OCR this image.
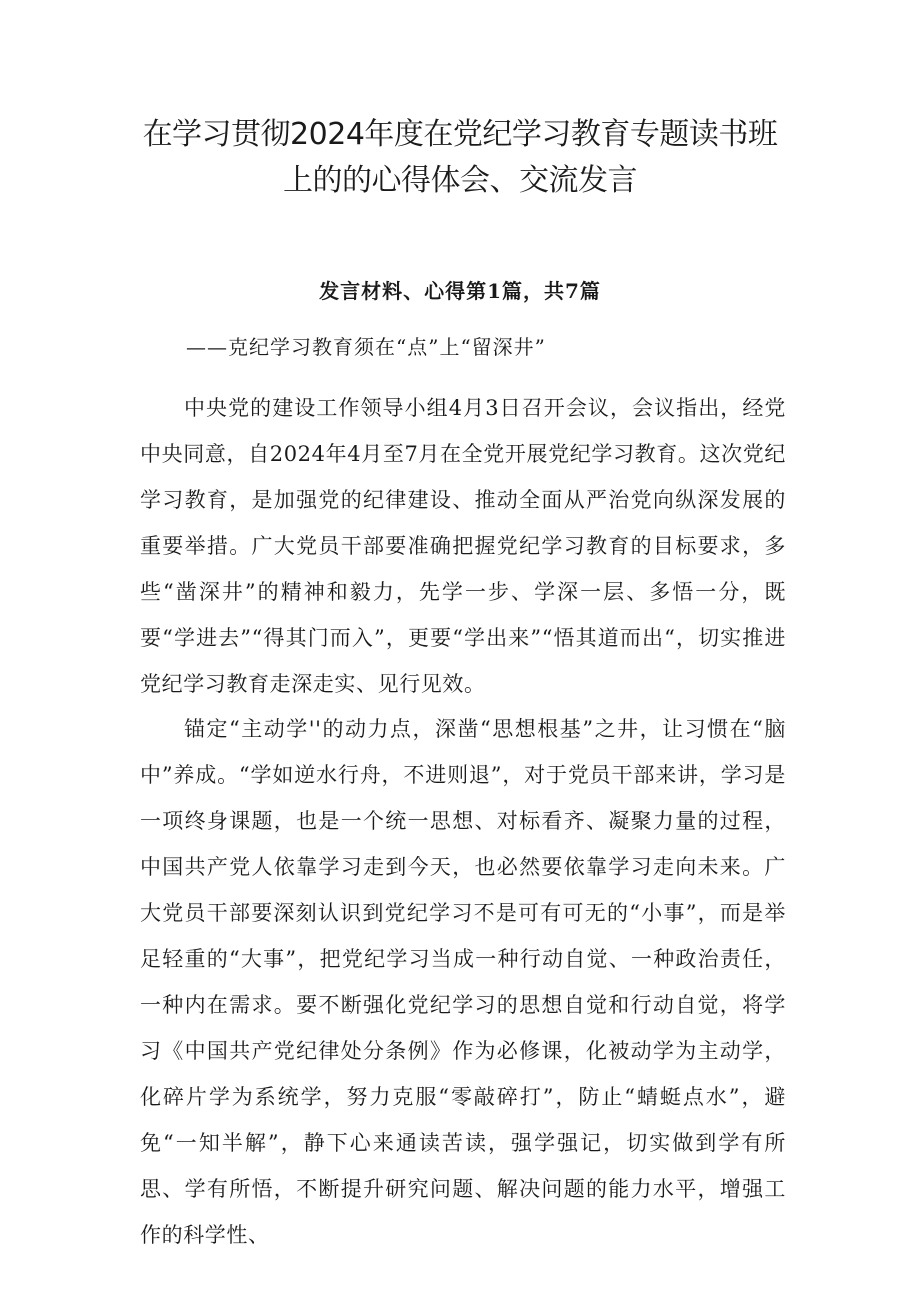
在学习贯彻2024年度在党纪学习教育专题读书班
上的的心得体会、交流发言
发言材料、心得第1篇，共7篇
——克纪学习教育须在“点”上“留深井”

中央党的建设工作领导小组4月3日召开会议，会议指出，经党中央同意，自2024年4月至7月在全党开展党纪学习教育。这次党纪学习教育，是加强党的纪律建设、推动全面从严治党向纵深发展的重要举措。广大党员干部要准确把握党纪学习教育的目标要求，多些“凿深井”的精神和毅力，先学一步、学深一层、多悟一分，既要“学进去”“得其门而入”，更要“学出来”“悟其道而出“，切实推进党纪学习教育走深走实、见行见效。

锚定“主动学''的动力点，深凿“思想根基”之井，让习惯在“脑中”养成。“学如逆水行舟，不进则退”，对于党员干部来讲，学习是一项终身课题，也是一个统一思想、对标看齐、凝聚力量的过程，中国共产党人依靠学习走到今天，也必然要依靠学习走向未来。广大党员干部要深刻认识到党纪学习不是可有可无的“小事”，而是举足轻重的“大事”，把党纪学习当成一种行动自觉、一种政治责任，一种内在需求。要不断强化党纪学习的思想自觉和行动自觉，将学习《中国共产党纪律处分条例》作为必修课，化被动学为主动学，化碎片学为系统学，努力克服“零敲碎打”，防止“蜻蜓点水”，避免“一知半解”，静下心来通读苦读，强学强记，切实做到学有所思、学有所悟，不断提升研究问题、解决问题的能力水平，增强工作的科学性、
